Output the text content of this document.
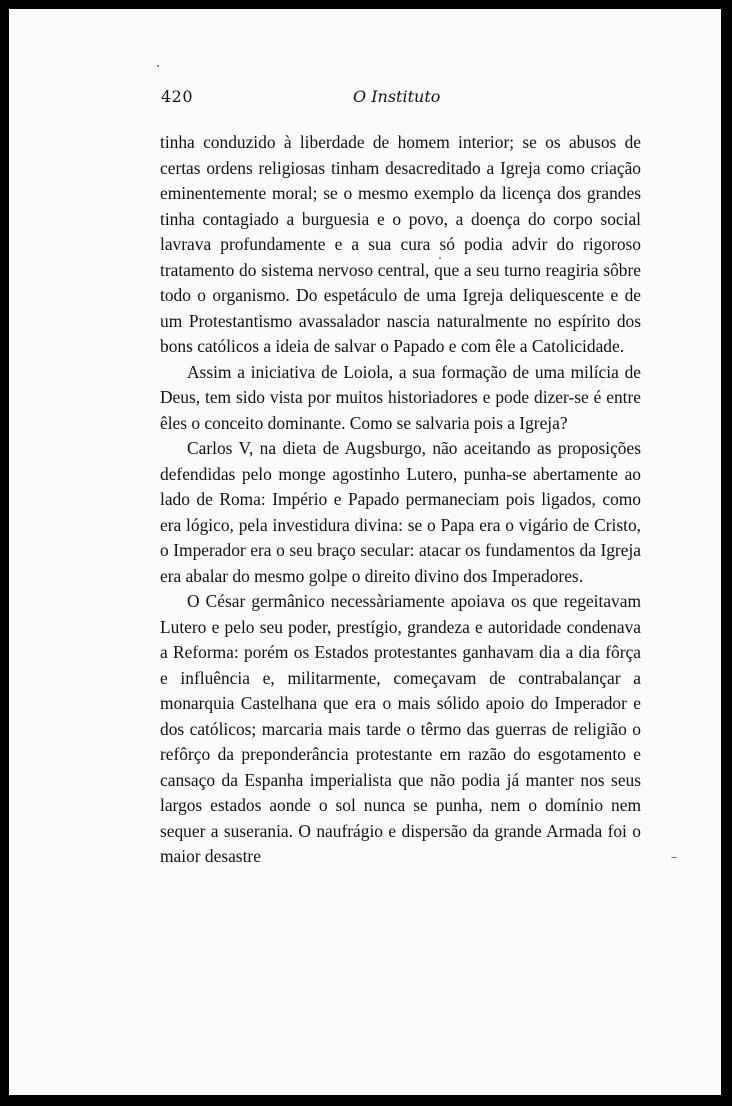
420	O Instituto

tinha conduzido à liberdade de homem interior; se os abusos de certas ordens religiosas tinham desacreditado a Igreja como criação eminentemente moral; se o mesmo exemplo da licença dos grandes tinha contagiado a burguesia e o povo, a doença do corpo social lavrava profundamente e a sua cura só podia advir do rigoroso tratamento do sistema nervoso central, que a seu turno reagiria sôbre todo o organismo. Do espetáculo de uma Igreja deliquescente e de um Protestantismo avassalador nascia naturalmente no espírito dos bons católicos a ideia de salvar o Papado e com êle a Catolicidade.

Assim a iniciativa de Loiola, a sua formação de uma milícia de Deus, tem sido vista por muitos historiadores e pode dizer-se é entre êles o conceito dominante. Como se salvaria pois a Igreja?

Carlos V, na dieta de Augsburgo, não aceitando as proposições defendidas pelo monge agostinho Lutero, punha-se abertamente ao lado de Roma: Império e Papado permaneciam pois ligados, como era lógico, pela investidura divina: se o Papa era o vigário de Cristo, o Imperador era o seu braço secular: atacar os fundamentos da Igreja era abalar do mesmo golpe o direito divino dos Imperadores.

O César germânico necessàriamente apoiava os que regeitavam Lutero e pelo seu poder, prestígio, grandeza e autoridade condenava a Reforma: porém os Estados protestantes ganhavam dia a dia fôrça e influência e, militarmente, começavam de contrabalançar a monarquia Castelhana que era o mais sólido apoio do Imperador e dos católicos; marcaria mais tarde o têrmo das guerras de religião o refôrço da preponderância protestante em razão do esgotamento e cansaço da Espanha imperialista que não podia já manter nos seus largos estados aonde o sol nunca se punha, nem o domínio nem sequer a suserania. O naufrágio e dispersão da grande Armada foi o maior desastre
